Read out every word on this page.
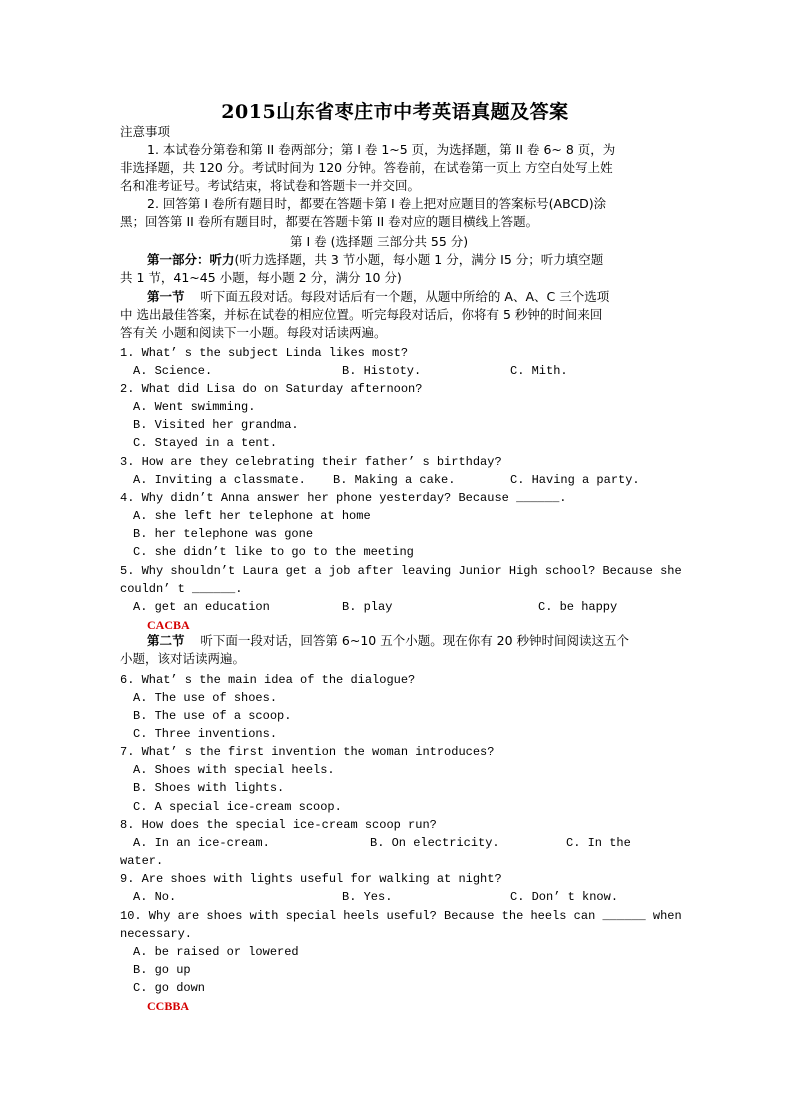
2015山东省枣庄市中考英语真题及答案
注意事项
1. 本试卷分第卷和第 II 卷两部分；第 I 卷 1~5 页，为选择题，第 II 卷 6~ 8 页，为
非选择题，共 120 分。考试时间为 120 分钟。答卷前，在试卷第一页上 方空白处写上姓
名和准考证号。考试结束，将试卷和答题卡一并交回。
2. 回答第 I 卷所有题目时，都要在答题卡第 I 卷上把对应题目的答案标号(ABCD)涂
黑；回答第 II 卷所有题目时，都要在答题卡第 II 卷对应的题目横线上答题。
第 I 卷 (选择题 三部分共 55 分)
第一部分：听力(听力选择题，共 3 节小题，每小题 1 分，满分 I5 分；听力填空题
共 1 节，41~45 小题，每小题 2 分，满分 10 分)
第一节 听下面五段对话。每段对话后有一个题，从题中所给的 A、A、C 三个选项
中 选出最佳答案，并标在试卷的相应位置。听完每段对话后，你将有 5 秒钟的时间来回
答有关 小题和阅读下一小题。每段对话读两遍。
1. What’ s the subject Linda likes most?
A. Science.	B. Histoty.	C. Mith.
2. What did Lisa do on Saturday afternoon?
A. Went swimming.
B. Visited her grandma.
C. Stayed in a tent.
3. How are they celebrating their father’ s birthday?
A. Inviting a classmate. B. Making a cake.	C. Having a party.
4. Why didn’t Anna answer her phone yesterday? Because ______.
A. she left her telephone at home
B. her telephone was gone
C. she didn’t like to go to the meeting
5. Why shouldn’t Laura get a job after leaving Junior High school? Because she
couldn’ t ______.
A. get an education	B. play	C. be happy
CACBA
第二节 听下面一段对话，回答第 6~10 五个小题。现在你有 20 秒钟时间阅读这五个
小题，该对话读两遍。
6. What’ s the main idea of the dialogue?
A. The use of shoes.
B. The use of a scoop.
C. Three inventions.
7. What’ s the first invention the woman introduces?
A. Shoes with special heels.
B. Shoes with lights.
C. A special ice-cream scoop.
8. How does the special ice-cream scoop run?
A. In an ice-cream.	B. On electricity.	C. In the
water.
9. Are shoes with lights useful for walking at night?
A. No.	B. Yes.	C. Don’ t know.
10. Why are shoes with special heels useful? Because the heels can ______ when
necessary.
A. be raised or lowered
B. go up
C. go down
CCBBA
